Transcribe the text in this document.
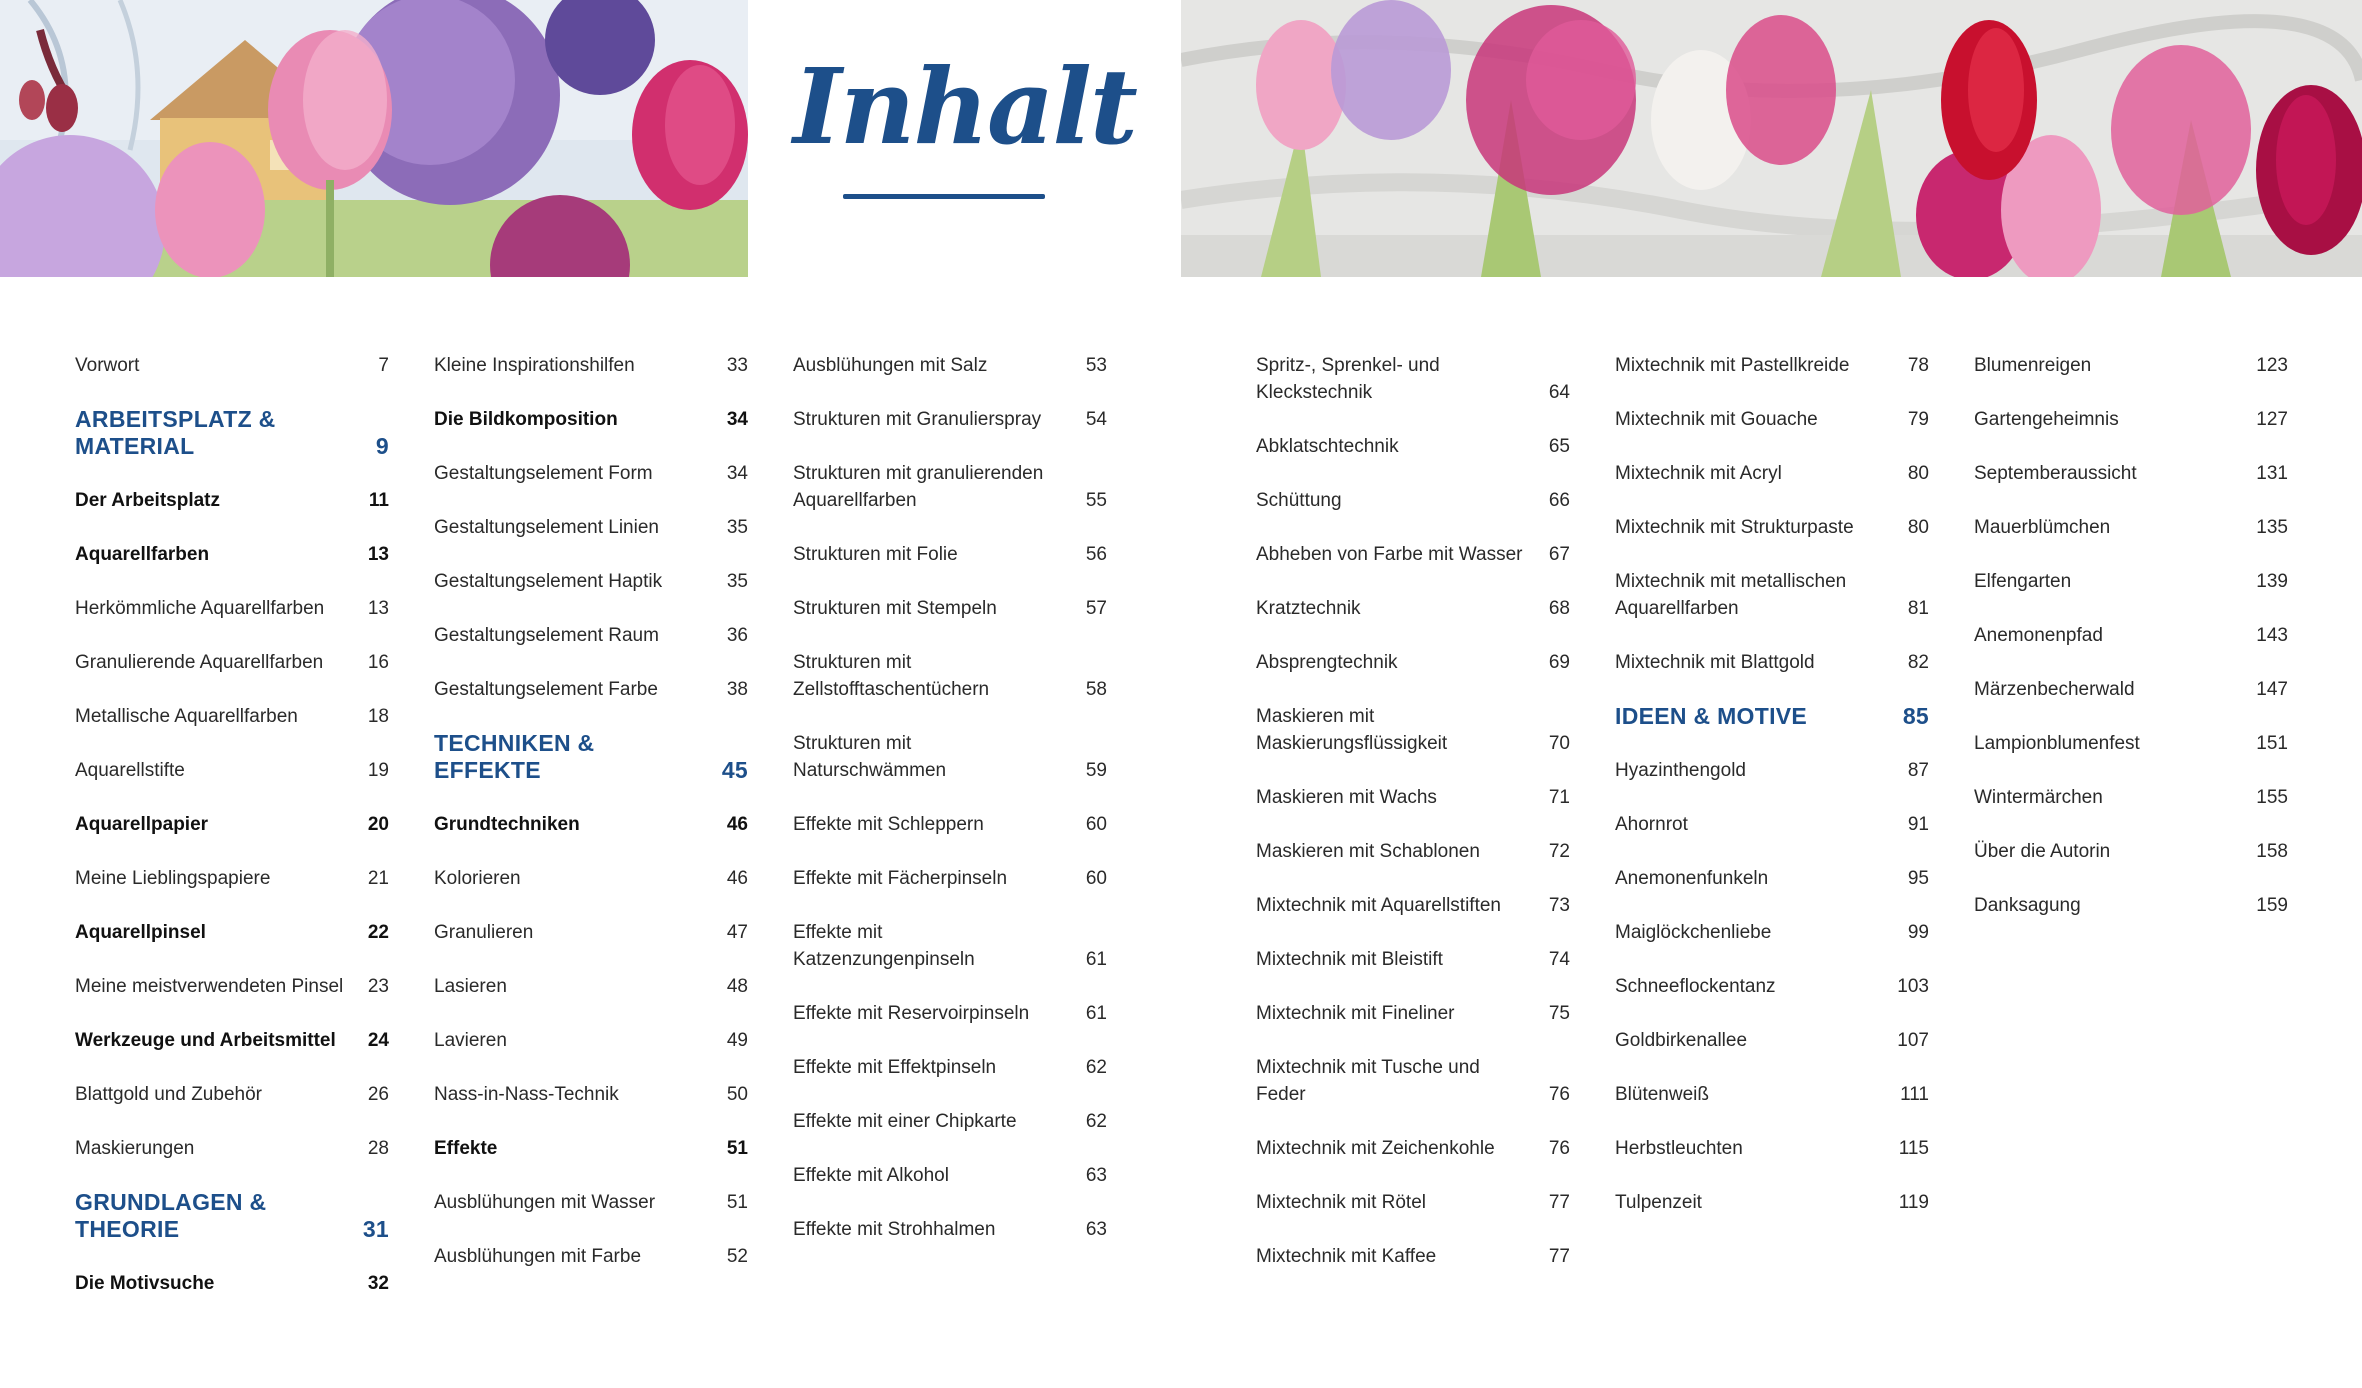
Inhalt
Vorwort	7
ARBEITSPLATZ & MATERIAL	9
Der Arbeitsplatz	11
Aquarellfarben	13
Herkömmliche Aquarellfarben	13
Granulierende Aquarellfarben	16
Metallische Aquarellfarben	18
Aquarellstifte	19
Aquarellpapier	20
Meine Lieblingspapiere	21
Aquarellpinsel	22
Meine meistverwendeten Pinsel	23
Werkzeuge und Arbeitsmittel	24
Blattgold und Zubehör	26
Maskierungen	28
GRUNDLAGEN & THEORIE	31
Die Motivsuche	32
Kleine Inspirationshilfen	33
Die Bildkomposition	34
Gestaltungselement Form	34
Gestaltungselement Linien	35
Gestaltungselement Haptik	35
Gestaltungselement Raum	36
Gestaltungselement Farbe	38
TECHNIKEN & EFFEKTE	45
Grundtechniken	46
Kolorieren	46
Granulieren	47
Lasieren	48
Lavieren	49
Nass-in-Nass-Technik	50
Effekte	51
Ausblühungen mit Wasser	51
Ausblühungen mit Farbe	52
Ausblühungen mit Salz	53
Strukturen mit Granulierspray	54
Strukturen mit granulierenden Aquarellfarben	55
Strukturen mit Folie	56
Strukturen mit Stempeln	57
Strukturen mit Zellstofftaschentüchern	58
Strukturen mit Naturschwämmen	59
Effekte mit Schleppern	60
Effekte mit Fächerpinseln	60
Effekte mit Katzenzungenpinseln	61
Effekte mit Reservoirpinseln	61
Effekte mit Effektpinseln	62
Effekte mit einer Chipkarte	62
Effekte mit Alkohol	63
Effekte mit Strohhalmen	63
Spritz-, Sprenkel- und Kleckstechnik	64
Abklatschtechnik	65
Schüttung	66
Abheben von Farbe mit Wasser	67
Kratztechnik	68
Absprengtechnik	69
Maskieren mit Maskierungsflüssigkeit	70
Maskieren mit Wachs	71
Maskieren mit Schablonen	72
Mixtechnik mit Aquarellstiften	73
Mixtechnik mit Bleistift	74
Mixtechnik mit Fineliner	75
Mixtechnik mit Tusche und Feder	76
Mixtechnik mit Zeichenkohle	76
Mixtechnik mit Rötel	77
Mixtechnik mit Kaffee	77
Mixtechnik mit Pastellkreide	78
Mixtechnik mit Gouache	79
Mixtechnik mit Acryl	80
Mixtechnik mit Strukturpaste	80
Mixtechnik mit metallischen Aquarellfarben	81
Mixtechnik mit Blattgold	82
IDEEN & MOTIVE	85
Hyazinthengold	87
Ahornrot	91
Anemonenfunkeln	95
Maiglöckchenliebe	99
Schneeflockentanz	103
Goldbirkenallee	107
Blütenweiß	111
Herbstleuchten	115
Tulpenzeit	119
Blumenreigen	123
Gartengeheimnis	127
Septemberaussicht	131
Mauerblümchen	135
Elfengarten	139
Anemonenpfad	143
Märzenbecherwald	147
Lampionblumenfest	151
Wintermärchen	155
Über die Autorin	158
Danksagung	159
